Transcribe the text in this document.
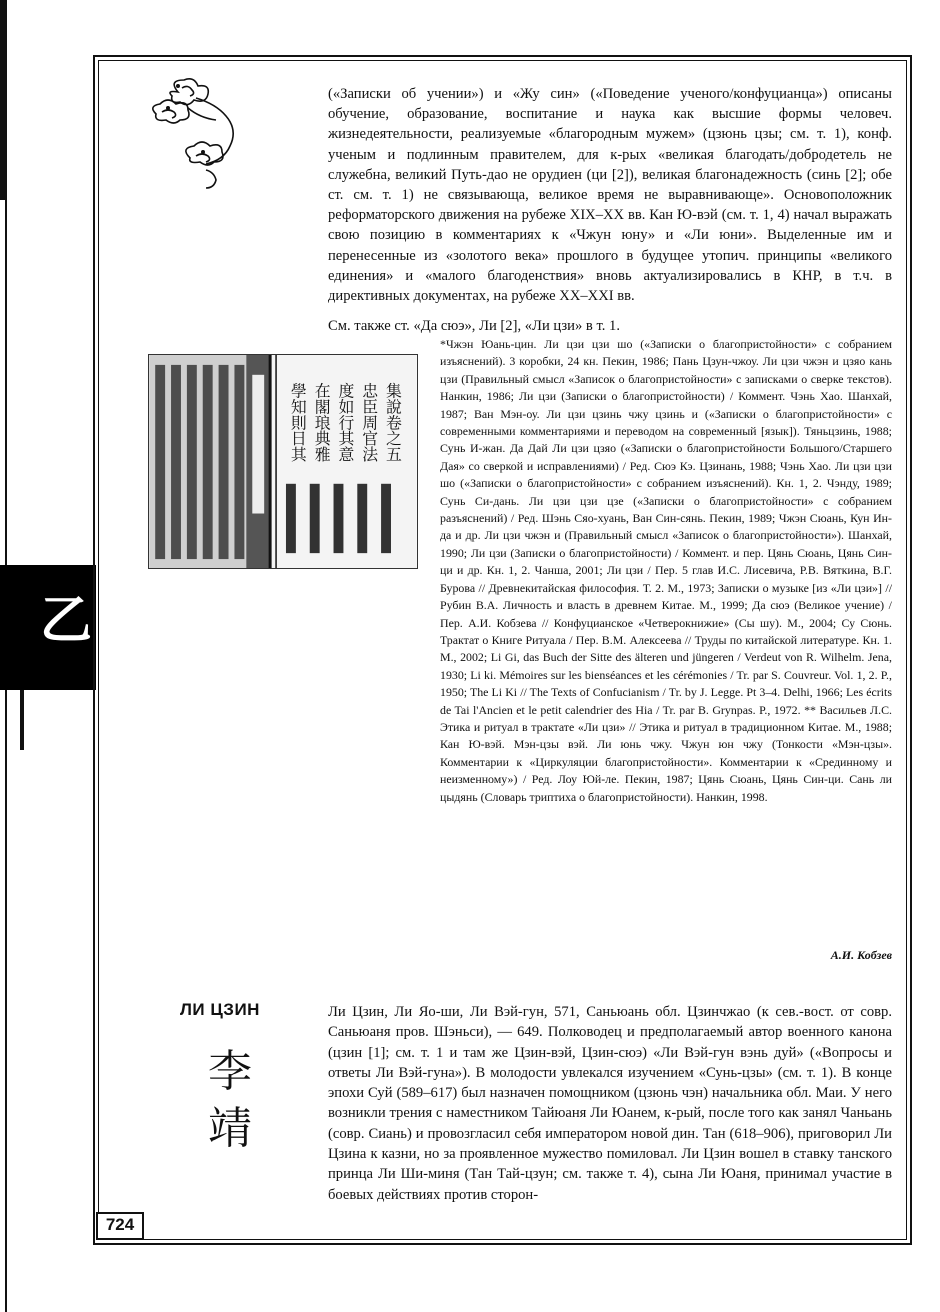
乙
724
(«Записки об учении») и «Жу син» («Поведение ученого/конфуцианца») описаны обучение, образование, воспитание и наука как высшие формы человеч. жизнедеятельности, реализуемые «благородным мужем» (цзюнь цзы; см. т. 1), конф. ученым и подлинным правителем, для к-рых «великая благодать/добродетель не служебна, великий Путь-дао не орудиен (ци [2]), великая благонадежность (синь [2]; обе ст. см. т. 1) не связывающа, великое время не выравнивающе». Основоположник реформаторского движения на рубеже XIX–XX вв. Кан Ю-вэй (см. т. 1, 4) начал выражать свою позицию в комментариях к «Чжун юну» и «Ли юни». Выделенные им и перенесенные из «золотого века» прошлого в будущее утопич. принципы «великого единения» и «малого благоденствия» вновь актуализировались в КНР, в т.ч. в директивных документах, на рубеже XX–XXI вв.
См. также ст. «Да сюэ», Ли [2], «Ли цзи» в т. 1.
集說卷之五
忠臣周官法
度如行其意
在閣琅典雅
學知則日其
*Чжэн Юань-цин. Ли цзи цзи шо («Записки о благопристойности» с собранием изъяснений). 3 коробки, 24 кн. Пекин, 1986; Пань Цзун-чжоу. Ли цзи чжэн и цзяо кань цзи (Правильный смысл «Записок о благопристойности» с записками о сверке текстов). Нанкин, 1986; Ли цзи (Записки о благопристойности) / Коммент. Чэнь Хао. Шанхай, 1987; Ван Мэн-оу. Ли цзи цзинь чжу цзинь и («Записки о благопристойности» с современными комментариями и переводом на современный [язык]). Тяньцзинь, 1988; Сунь И-жан. Да Дай Ли цзи цзяо («Записки о благопристойности Большого/Старшего Дая» со сверкой и исправлениями) / Ред. Сюэ Кэ. Цзинань, 1988; Чэнь Хао. Ли цзи цзи шо («Записки о благопристойности» с собранием изъяснений). Кн. 1, 2. Чэнду, 1989; Сунь Си-дань. Ли цзи цзи цзе («Записки о благопристойности» с собранием разъяснений) / Ред. Шэнь Сяо-хуань, Ван Син-сянь. Пекин, 1989; Чжэн Сюань, Кун Ин-да и др. Ли цзи чжэн и (Правильный смысл «Записок о благопристойности»). Шанхай, 1990; Ли цзи (Записки о благопристойности) / Коммент. и пер. Цянь Сюань, Цянь Син-ци и др. Кн. 1, 2. Чанша, 2001; Ли цзи / Пер. 5 глав И.С. Лисевича, Р.В. Вяткина, В.Г. Бурова // Древнекитайская философия. Т. 2. М., 1973; Записки о музыке [из «Ли цзи»] // Рубин В.А. Личность и власть в древнем Китае. М., 1999; Да сюэ (Великое учение) / Пер. А.И. Кобзева // Конфуцианское «Четверокнижие» (Сы шу). М., 2004; Су Сюнь. Трактат о Книге Ритуала / Пер. В.М. Алексеева // Труды по китайской литературе. Кн. 1. М., 2002; Li Gi, das Buch der Sitte des älteren und jüngeren / Verdeut von R. Wilhelm. Jena, 1930; Li ki. Mémoires sur les bienséances et les cérémonies / Tr. par S. Couvreur. Vol. 1, 2. P., 1950; The Li Ki // The Texts of Confucianism / Tr. by J. Legge. Pt 3–4. Delhi, 1966; Les écrits de Tai l'Ancien et le petit calendrier des Hia / Tr. par B. Grynpas. P., 1972. ** Васильев Л.С. Этика и ритуал в трактате «Ли цзи» // Этика и ритуал в традиционном Китае. М., 1988; Кан Ю-вэй. Мэн-цзы вэй. Ли юнь чжу. Чжун юн чжу (Тонкости «Мэн-цзы». Комментарии к «Циркуляции благопристойности». Комментарии к «Срединному и неизменному») / Ред. Лоу Юй-ле. Пекин, 1987; Цянь Сюань, Цянь Син-ци. Сань ли цыдянь (Словарь триптиха о благопристойности). Нанкин, 1998.
А.И. Кобзев
ЛИ ЦЗИН
李
靖
Ли Цзин, Ли Яо-ши, Ли Вэй-гун, 571, Саньюань обл. Цзинчжао (к сев.-вост. от совр. Саньюаня пров. Шэньси), — 649. Полководец и предполагаемый автор военного канона (цзин [1]; см. т. 1 и там же Цзин-вэй, Цзин-сюэ) «Ли Вэй-гун вэнь дуй» («Вопросы и ответы Ли Вэй-гуна»). В молодости увлекался изучением «Сунь-цзы» (см. т. 1). В конце эпохи Суй (589–617) был назначен помощником (цзюнь чэн) начальника обл. Маи. У него возникли трения с наместником Тайюаня Ли Юанем, к-рый, после того как занял Чаньань (совр. Сиань) и провозгласил себя императором новой дин. Тан (618–906), приговорил Ли Цзина к казни, но за проявленное мужество помиловал. Ли Цзин вошел в ставку танского принца Ли Ши-миня (Тан Тай-цзун; см. также т. 4), сына Ли Юаня, принимал участие в боевых действиях против сторон-
